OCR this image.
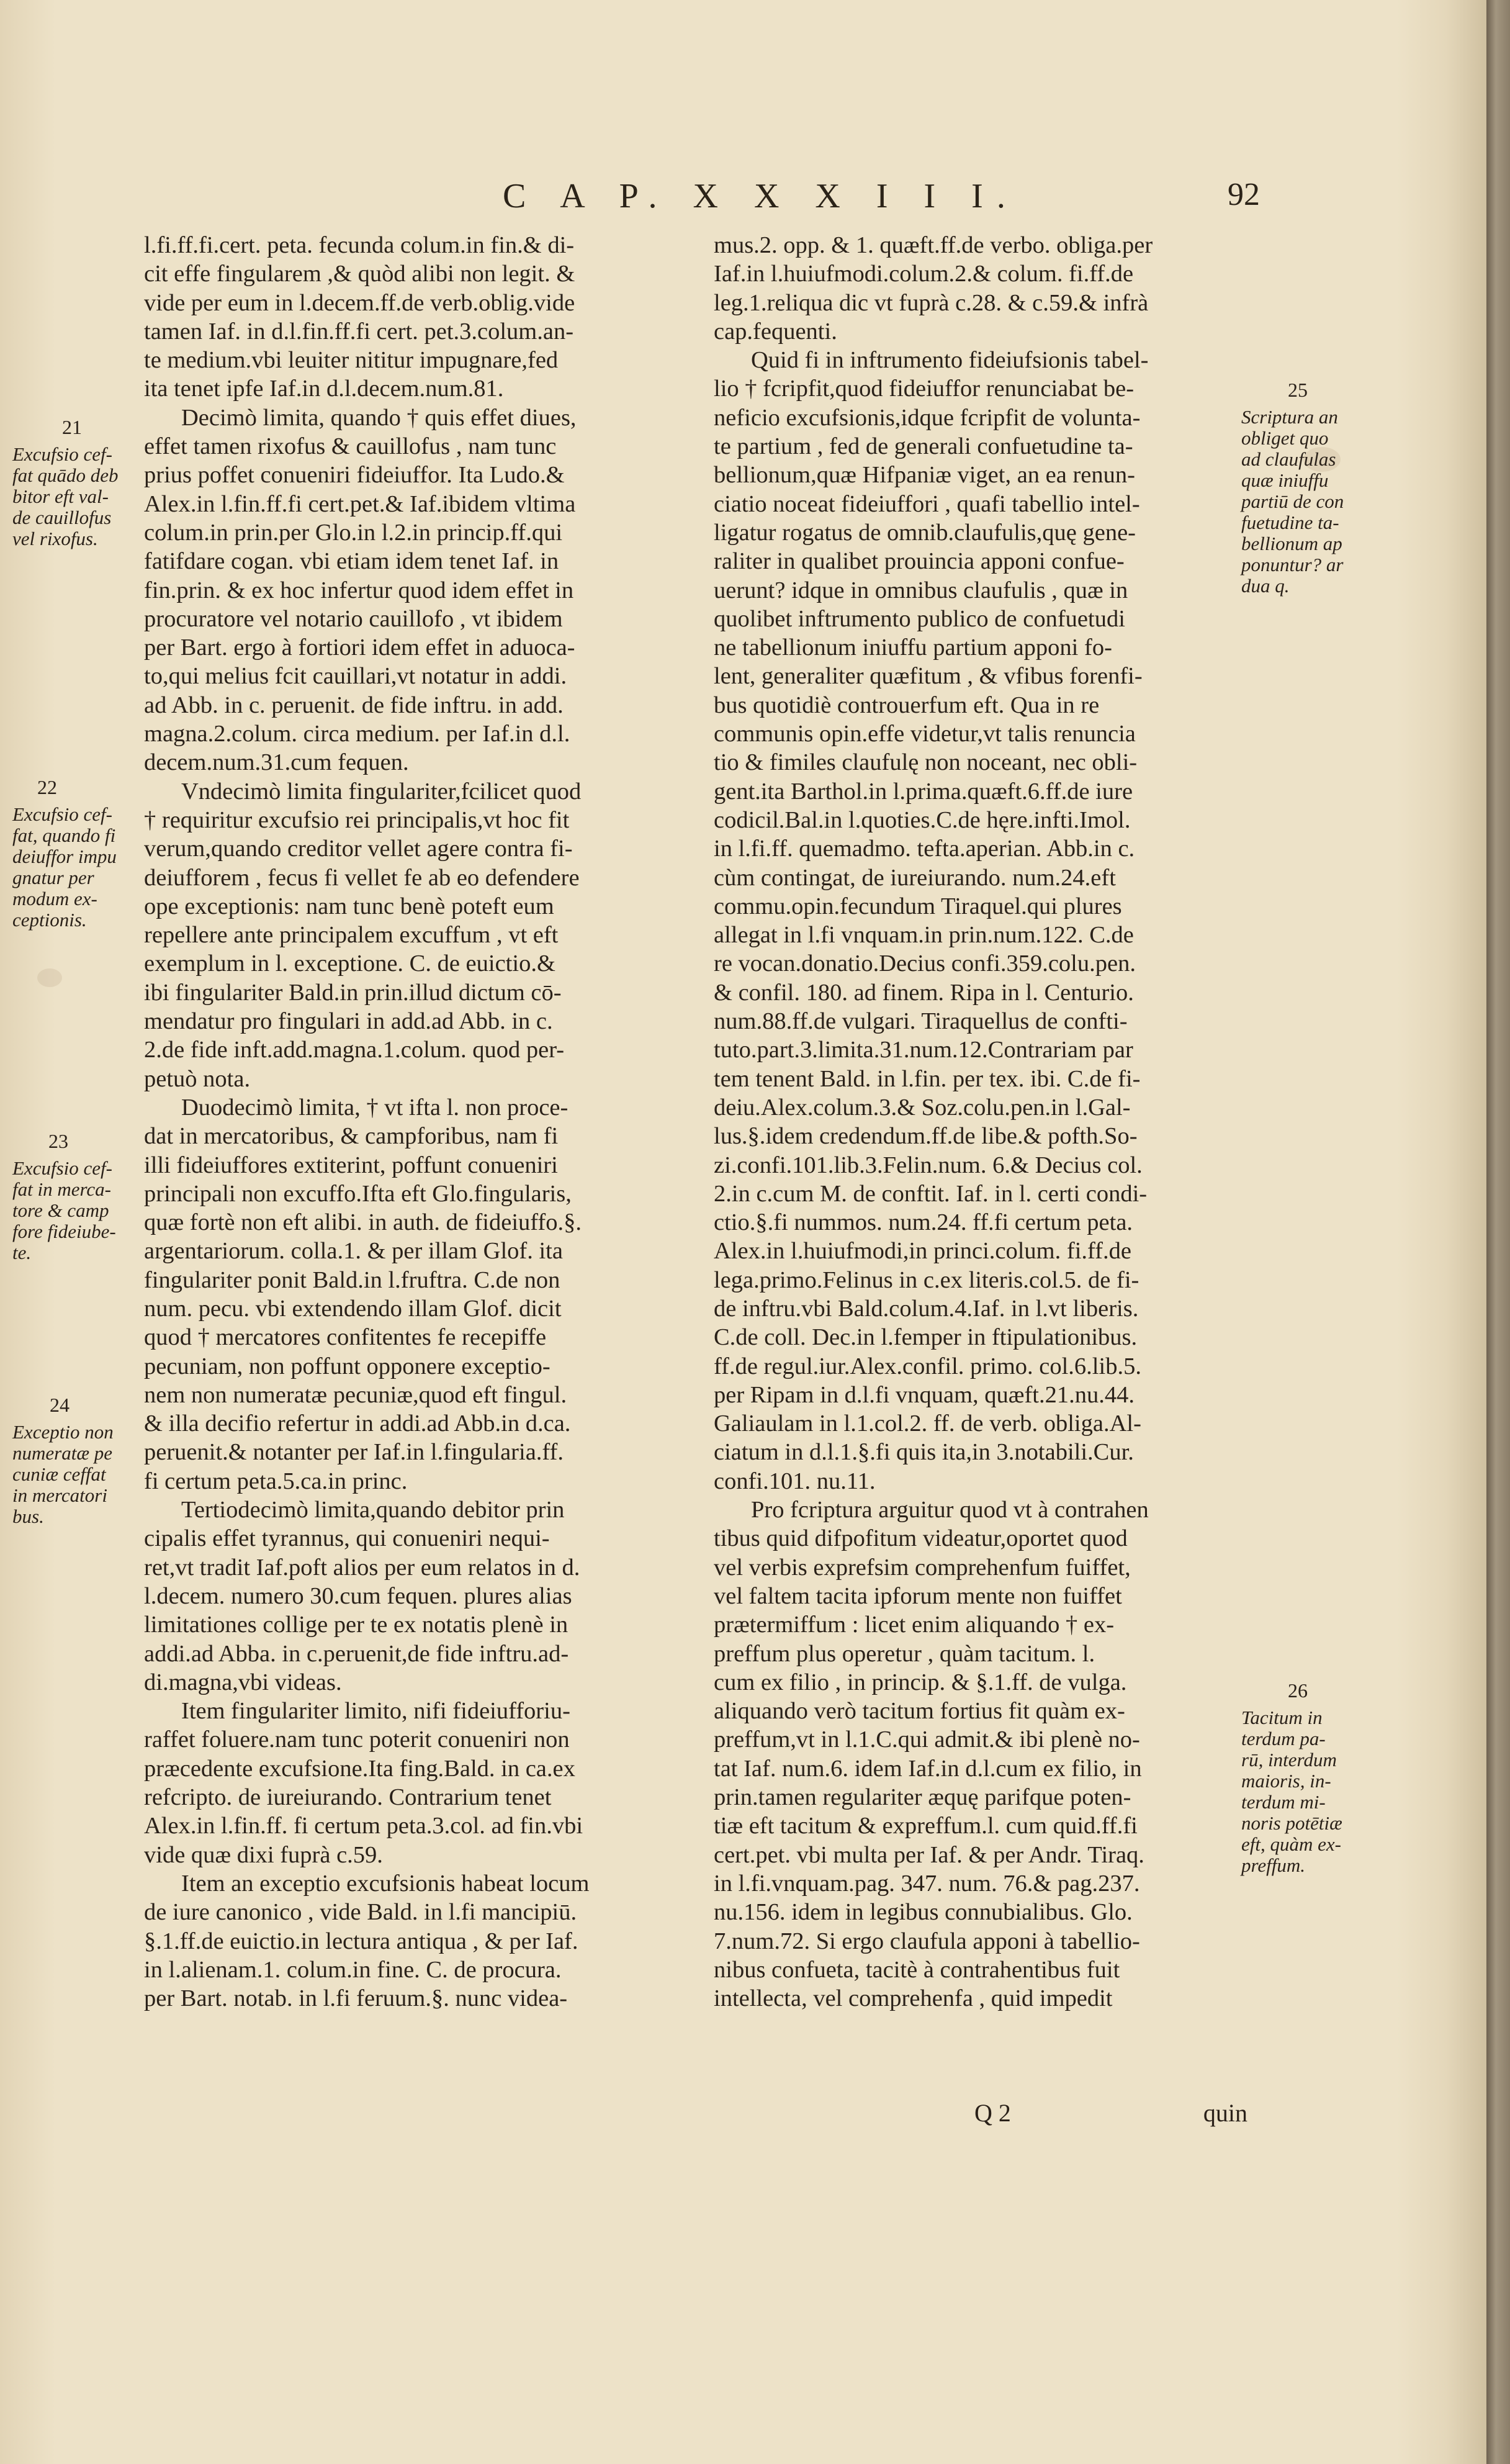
C A P. X X X I I I.	92
l.fi.ff.fi.cert. peta. fecunda colum.in fin.& di-
cit effe fingularem ,& quòd alibi non legit. &
vide per eum in l.decem.ff.de verb.oblig.vide
tamen Iaf. in d.l.fin.ff.fi cert. pet.3.colum.an-
te medium.vbi leuiter nititur impugnare,fed
ita tenet ipfe Iaf.in d.l.decem.num.81.
Decimò limita, quando † quis effet diues,
effet tamen rixofus & cauillofus , nam tunc
prius poffet conueniri fideiuffor. Ita Ludo.&
Alex.in l.fin.ff.fi cert.pet.& Iaf.ibidem vltima
colum.in prin.per Glo.in l.2.in princip.ff.qui
fatifdare cogan. vbi etiam idem tenet Iaf. in
fin.prin. & ex hoc infertur quod idem effet in
procuratore vel notario cauillofo , vt ibidem
per Bart. ergo à fortiori idem effet in aduoca-
to,qui melius fcit cauillari,vt notatur in addi.
ad Abb. in c. peruenit. de fide inftru. in add.
magna.2.colum. circa medium. per Iaf.in d.l.
decem.num.31.cum fequen.
Vndecimò limita fingulariter,fcilicet quod
† requiritur excufsio rei principalis,vt hoc fit
verum,quando creditor vellet agere contra fi-
deiufforem , fecus fi vellet fe ab eo defendere
ope exceptionis: nam tunc benè poteft eum
repellere ante principalem excuffum , vt eft
exemplum in l. exceptione. C. de euictio.&
ibi fingulariter Bald.in prin.illud dictum cō-
mendatur pro fingulari in add.ad Abb. in c.
2.de fide inft.add.magna.1.colum. quod per-
petuò nota.
Duodecimò limita, † vt ifta l. non proce-
dat in mercatoribus, & campforibus, nam fi
illi fideiuffores extiterint, poffunt conueniri
principali non excuffo.Ifta eft Glo.fingularis,
quæ fortè non eft alibi. in auth. de fideiuffo.§.
argentariorum. colla.1. & per illam Glof. ita
fingulariter ponit Bald.in l.fruftra. C.de non
num. pecu. vbi extendendo illam Glof. dicit
quod † mercatores confitentes fe recepiffe
pecuniam, non poffunt opponere exceptio-
nem non numeratæ pecuniæ,quod eft fingul.
& illa decifio refertur in addi.ad Abb.in d.ca.
peruenit.& notanter per Iaf.in l.fingularia.ff.
fi certum peta.5.ca.in princ.
Tertiodecimò limita,quando debitor prin
cipalis effet tyrannus, qui conueniri nequi-
ret,vt tradit Iaf.poft alios per eum relatos in d.
l.decem. numero 30.cum fequen. plures alias
limitationes collige per te ex notatis plenè in
addi.ad Abba. in c.peruenit,de fide inftru.ad-
di.magna,vbi videas.
Item fingulariter limito, nifi fideiufforiu-
raffet foluere.nam tunc poterit conueniri non
præcedente excufsione.Ita fing.Bald. in ca.ex
refcripto. de iureiurando. Contrarium tenet
Alex.in l.fin.ff. fi certum peta.3.col. ad fin.vbi
vide quæ dixi fuprà c.59.
Item an exceptio excufsionis habeat locum
de iure canonico , vide Bald. in l.fi mancipiū.
§.1.ff.de euictio.in lectura antiqua , & per Iaf.
in l.alienam.1. colum.in fine. C. de procura.
per Bart. notab. in l.fi feruum.§. nunc videa-
mus.2. opp. & 1. quæft.ff.de verbo. obliga.per
Iaf.in l.huiufmodi.colum.2.& colum. fi.ff.de
leg.1.reliqua dic vt fuprà c.28. & c.59.& infrà
cap.fequenti.
Quid fi in inftrumento fideiufsionis tabel-
lio † fcripfit,quod fideiuffor renunciabat be-
neficio excufsionis,idque fcripfit de volunta-
te partium , fed de generali confuetudine ta-
bellionum,quæ Hifpaniæ viget, an ea renun-
ciatio noceat fideiuffori , quafi tabellio intel-
ligatur rogatus de omnib.claufulis,quę gene-
raliter in qualibet prouincia apponi confue-
uerunt? idque in omnibus claufulis , quæ in
quolibet inftrumento publico de confuetudi
ne tabellionum iniuffu partium apponi fo-
lent, generaliter quæfitum , & vfibus forenfi-
bus quotidiè controuerfum eft. Qua in re
communis opin.effe videtur,vt talis renuncia
tio & fimiles claufulę non noceant, nec obli-
gent.ita Barthol.in l.prima.quæft.6.ff.de iure
codicil.Bal.in l.quoties.C.de hęre.infti.Imol.
in l.fi.ff. quemadmo. tefta.aperian. Abb.in c.
cùm contingat, de iureiurando. num.24.eft
commu.opin.fecundum Tiraquel.qui plures
allegat in l.fi vnquam.in prin.num.122. C.de
re vocan.donatio.Decius confi.359.colu.pen.
& confil. 180. ad finem. Ripa in l. Centurio.
num.88.ff.de vulgari. Tiraquellus de confti-
tuto.part.3.limita.31.num.12.Contrariam par
tem tenent Bald. in l.fin. per tex. ibi. C.de fi-
deiu.Alex.colum.3.& Soz.colu.pen.in l.Gal-
lus.§.idem credendum.ff.de libe.& pofth.So-
zi.confi.101.lib.3.Felin.num. 6.& Decius col.
2.in c.cum M. de conftit. Iaf. in l. certi condi-
ctio.§.fi nummos. num.24. ff.fi certum peta.
Alex.in l.huiufmodi,in princi.colum. fi.ff.de
lega.primo.Felinus in c.ex literis.col.5. de fi-
de inftru.vbi Bald.colum.4.Iaf. in l.vt liberis.
C.de coll. Dec.in l.femper in ftipulationibus.
ff.de regul.iur.Alex.confil. primo. col.6.lib.5.
per Ripam in d.l.fi vnquam, quæft.21.nu.44.
Galiaulam in l.1.col.2. ff. de verb. obliga.Al-
ciatum in d.l.1.§.fi quis ita,in 3.notabili.Cur.
confi.101. nu.11.
Pro fcriptura arguitur quod vt à contrahen
tibus quid difpofitum videatur,oportet quod
vel verbis exprefsim comprehenfum fuiffet,
vel faltem tacita ipforum mente non fuiffet
prætermiffum : licet enim aliquando † ex-
preffum plus operetur , quàm tacitum. l.
cum ex filio , in princip. & §.1.ff. de vulga.
aliquando verò tacitum fortius fit quàm ex-
preffum,vt in l.1.C.qui admit.& ibi plenè no-
tat Iaf. num.6. idem Iaf.in d.l.cum ex filio, in
prin.tamen regulariter æquę parifque poten-
tiæ eft tacitum & expreffum.l. cum quid.ff.fi
cert.pet. vbi multa per Iaf. & per Andr. Tiraq.
in l.fi.vnquam.pag. 347. num. 76.& pag.237.
nu.156. idem in legibus connubialibus. Glo.
7.num.72. Si ergo claufula apponi à tabellio-
nibus confueta, tacitè à contrahentibus fuit
intellecta, vel comprehenfa , quid impedit
21
Excufsio cef-
fat quādo deb
bitor eft val-
de cauillofus
vel rixofus.
22
Excufsio cef-
fat, quando fi
deiuffor impu
gnatur per
modum ex-
ceptionis.
23
Excufsio cef-
fat in merca-
tore & camp
fore fideiube-
te.
24
Exceptio non
numeratæ pe
cuniæ ceffat
in mercatori
bus.
25
Scriptura an
obliget quo
ad claufulas
quæ iniuffu
partiū de con
fuetudine ta-
bellionum ap
ponuntur? ar
dua q.
26
Tacitum in
terdum pa-
rū, interdum
maioris, in-
terdum mi-
noris potētiæ
eft, quàm ex-
preffum.
Q 2	quin
